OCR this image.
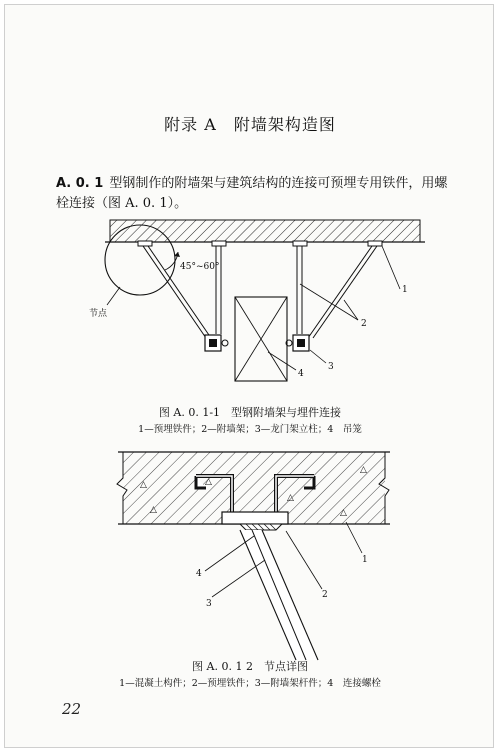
附录 A　附墙架构造图
A. 0. 1 型钢制作的附墙架与建筑结构的连接可预埋专用铁件，用螺栓连接（图 A. 0. 1）。
45°~60°
节点
1
2
3
4
△
△
△
△
△
△
1
2
3
4
图 A. 0. 1-1　型钢附墙架与埋件连接
1—预埋铁件；2—附墙架；3—龙门架立柱；4　吊笼
图 A. 0. 1 2　节点详图
1—混凝土构件；2—预埋铁件；3—附墙架杆件；4　连接螺栓
22
